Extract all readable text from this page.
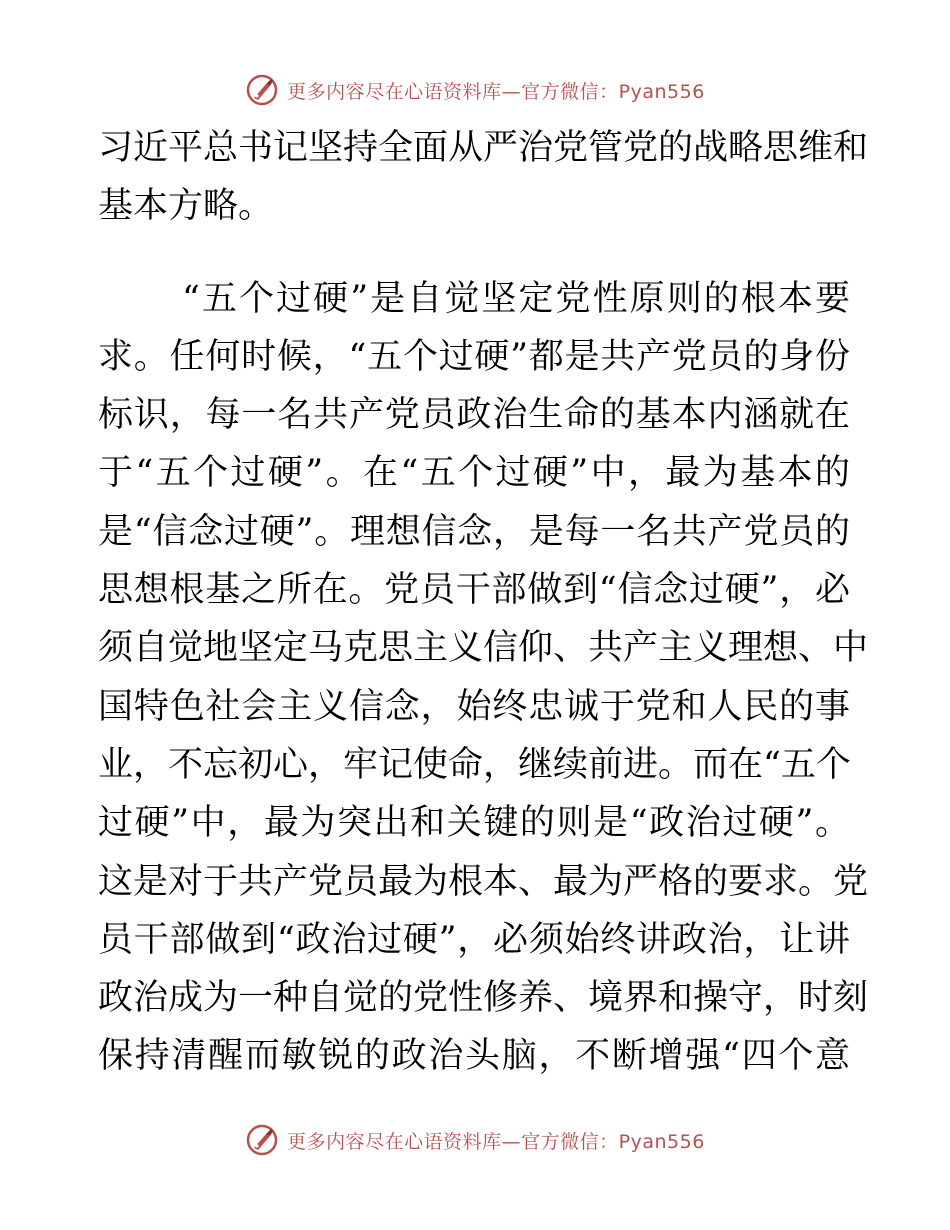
更多内容尽在心语资料库—官方微信：Pyan556
习近平总书记坚持全面从严治党管党的战略思维和
基本方略。
“五个过硬”是自觉坚定党性原则的根本要
求。任何时候，“五个过硬”都是共产党员的身份
标识，每一名共产党员政治生命的基本内涵就在
于“五个过硬”。在“五个过硬”中，最为基本的
是“信念过硬”。理想信念，是每一名共产党员的
思想根基之所在。党员干部做到“信念过硬”，必
须自觉地坚定马克思主义信仰、共产主义理想、中
国特色社会主义信念，始终忠诚于党和人民的事
业，不忘初心，牢记使命，继续前进。而在“五个
过硬”中，最为突出和关键的则是“政治过硬”。
这是对于共产党员最为根本、最为严格的要求。党
员干部做到“政治过硬”，必须始终讲政治，让讲
政治成为一种自觉的党性修养、境界和操守，时刻
保持清醒而敏锐的政治头脑，不断增强“四个意
更多内容尽在心语资料库—官方微信：Pyan556
